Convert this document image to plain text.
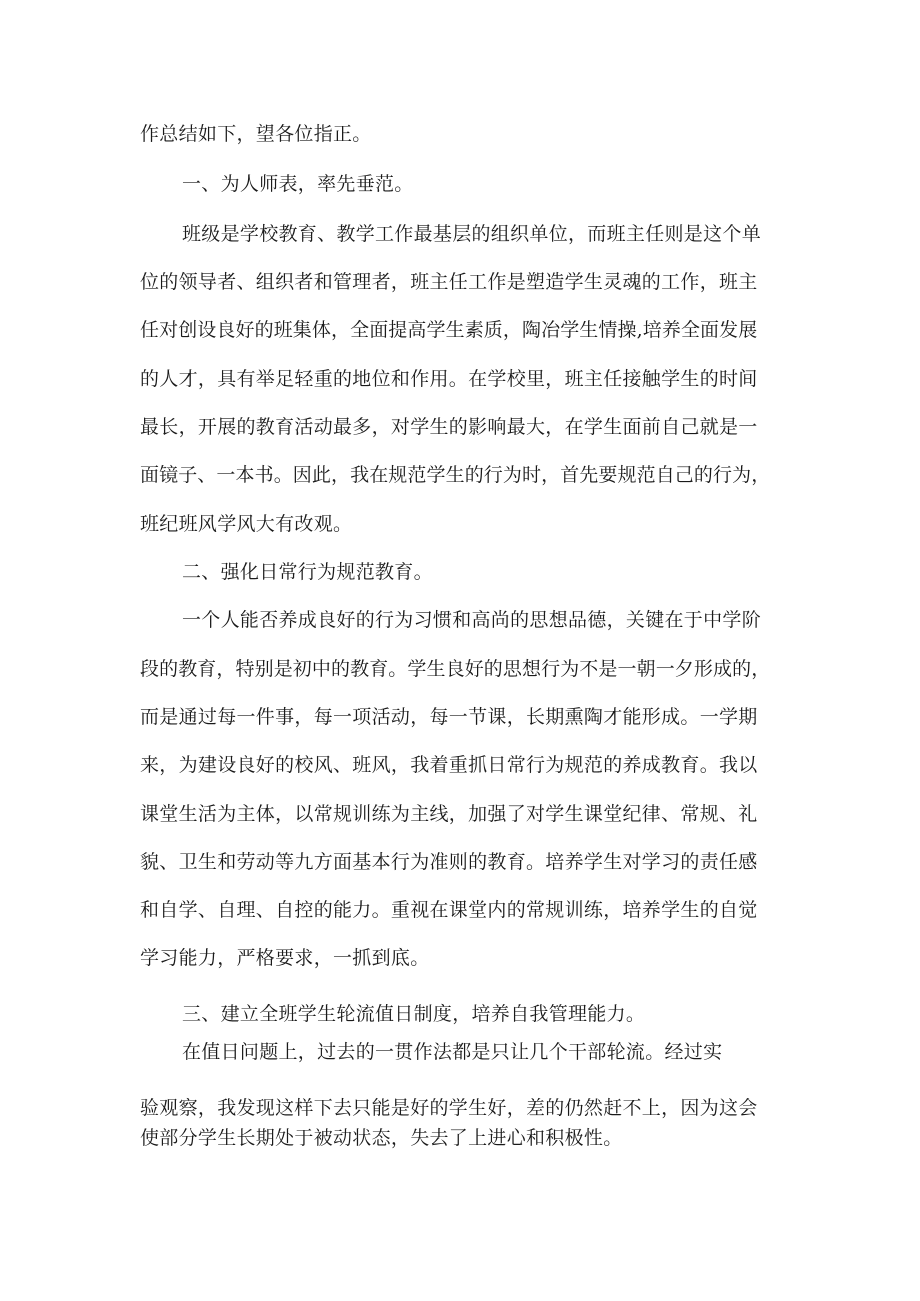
作总结如下，望各位指正。
一、为人师表，率先垂范。
班级是学校教育、教学工作最基层的组织单位，而班主任则是这个单
位的领导者、组织者和管理者，班主任工作是塑造学生灵魂的工作，班主
任对创设良好的班集体，全面提高学生素质，陶冶学生情操,培养全面发展
的人才，具有举足轻重的地位和作用。在学校里，班主任接触学生的时间
最长，开展的教育活动最多，对学生的影响最大，在学生面前自己就是一
面镜子、一本书。因此，我在规范学生的行为时，首先要规范自己的行为，
班纪班风学风大有改观。
二、强化日常行为规范教育。
一个人能否养成良好的行为习惯和高尚的思想品德，关键在于中学阶
段的教育，特别是初中的教育。学生良好的思想行为不是一朝一夕形成的，
而是通过每一件事，每一项活动，每一节课，长期熏陶才能形成。一学期
来，为建设良好的校风、班风，我着重抓日常行为规范的养成教育。我以
课堂生活为主体，以常规训练为主线，加强了对学生课堂纪律、常规、礼
貌、卫生和劳动等九方面基本行为准则的教育。培养学生对学习的责任感
和自学、自理、自控的能力。重视在课堂内的常规训练，培养学生的自觉
学习能力，严格要求，一抓到底。
三、建立全班学生轮流值日制度，培养自我管理能力。
在值日问题上，过去的一贯作法都是只让几个干部轮流。经过实
验观察，我发现这样下去只能是好的学生好，差的仍然赶不上，因为这会
使部分学生长期处于被动状态，失去了上进心和积极性。
